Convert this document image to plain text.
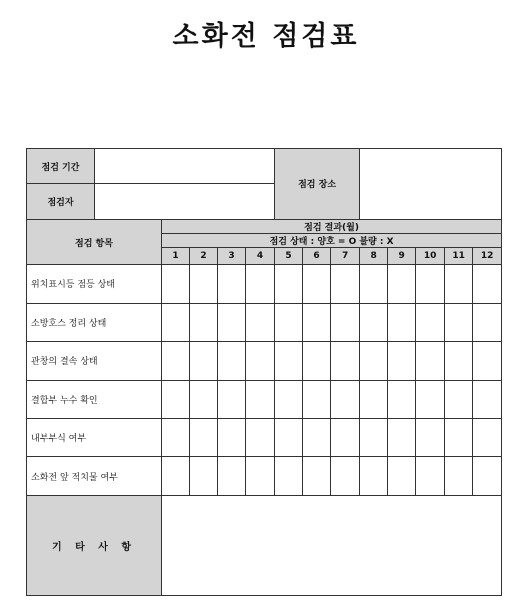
소화전 점검표
점검 기간						점검 장소							
점검자													
점검 항목		점검 결과(월)											
		점검 상태 : 양호 = O 불량 : X											
		1	2	3	4	5	6	7	8	9	10	11	12
위치표시등 점등 상태													
소방호스 정리 상태													
관창의 결속 상태													
결합부 누수 확인													
내부부식 여부													
소화전 앞 적치물 여부													
기 타 사 항													
